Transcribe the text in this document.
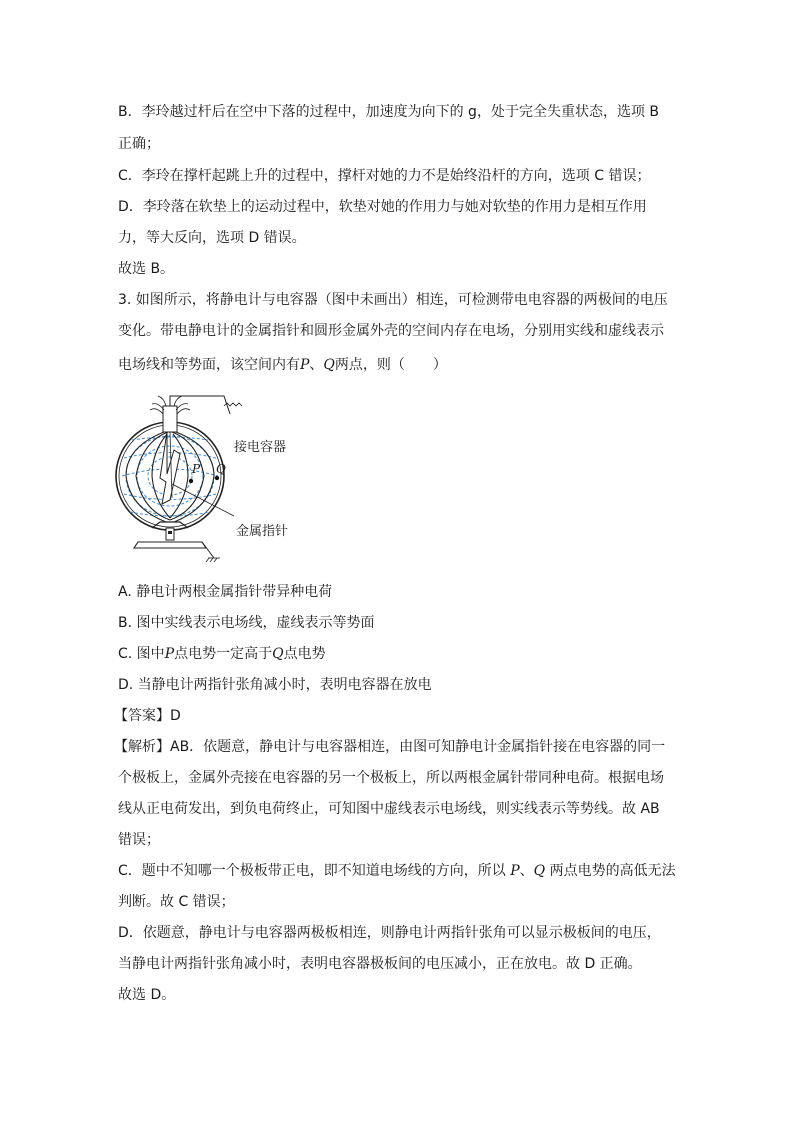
B．李玲越过杆后在空中下落的过程中，加速度为向下的 g，处于完全失重状态，选项 B
正确；
C．李玲在撑杆起跳上升的过程中，撑杆对她的力不是始终沿杆的方向，选项 C 错误；
D．李玲落在软垫上的运动过程中，软垫对她的作用力与她对软垫的作用力是相互作用
力，等大反向，选项 D 错误。
故选 B。
3. 如图所示，将静电计与电容器（图中未画出）相连，可检测带电电容器的两极间的电压
变化。带电静电计的金属指针和圆形金属外壳的空间内存在电场，分别用实线和虚线表示
电场线和等势面，该空间内有P、Q两点，则（　　）
接电容器
P Q
金属指针
A. 静电计两根金属指针带异种电荷
B. 图中实线表示电场线，虚线表示等势面
C. 图中P点电势一定高于Q点电势
D. 当静电计两指针张角减小时，表明电容器在放电
【答案】D
【解析】AB．依题意，静电计与电容器相连，由图可知静电计金属指针接在电容器的同一
个极板上，金属外壳接在电容器的另一个极板上，所以两根金属针带同种电荷。根据电场
线从正电荷发出，到负电荷终止，可知图中虚线表示电场线，则实线表示等势线。故 AB
错误；
C．题中不知哪一个极板带正电，即不知道电场线的方向，所以 P、Q 两点电势的高低无法
判断。故 C 错误；
D．依题意，静电计与电容器两极板相连，则静电计两指针张角可以显示极板间的电压，
当静电计两指针张角减小时，表明电容器极板间的电压减小，正在放电。故 D 正确。
故选 D。
